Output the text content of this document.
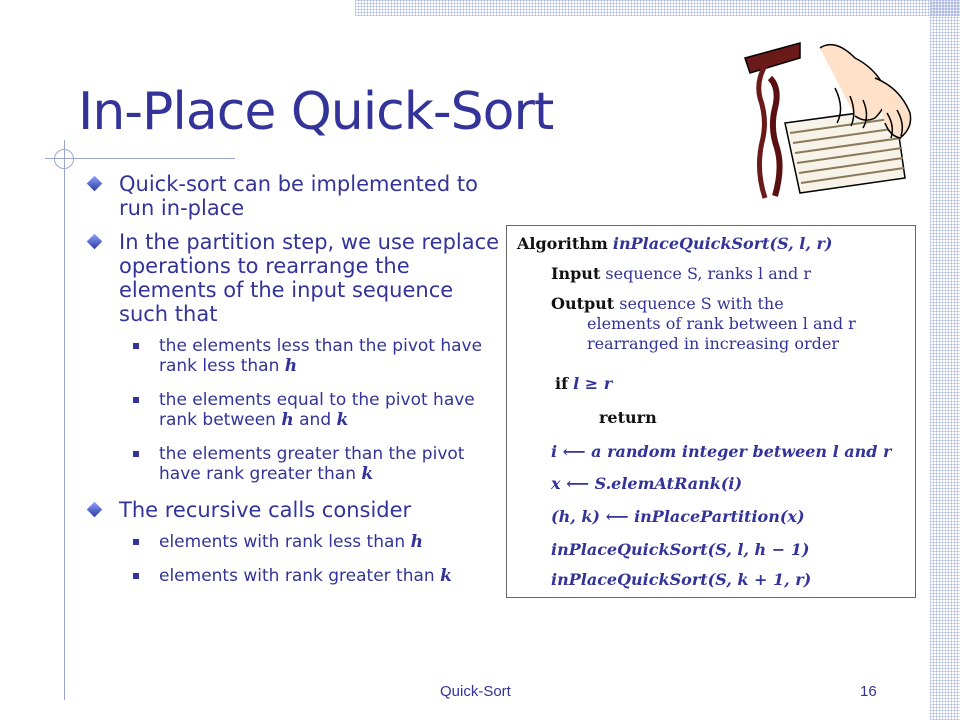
In-Place Quick-Sort
Quick-sort can be implemented to run in-place
In the partition step, we use replace operations to rearrange the elements of the input sequence such that
the elements less than the pivot have rank less than h
the elements equal to the pivot have rank between h and k
the elements greater than the pivot have rank greater than k
The recursive calls consider
elements with rank less than h
elements with rank greater than k
Algorithm inPlaceQuickSort(S, l, r)
Input sequence S, ranks l and r
Output sequence S with the
elements of rank between l and r
rearranged in increasing order
if l ≥ r
return
i ⟵ a random integer between l and r
x ⟵ S.elemAtRank(i)
(h, k) ⟵ inPlacePartition(x)
inPlaceQuickSort(S, l, h − 1)
inPlaceQuickSort(S, k + 1, r)
Quick-Sort	16
